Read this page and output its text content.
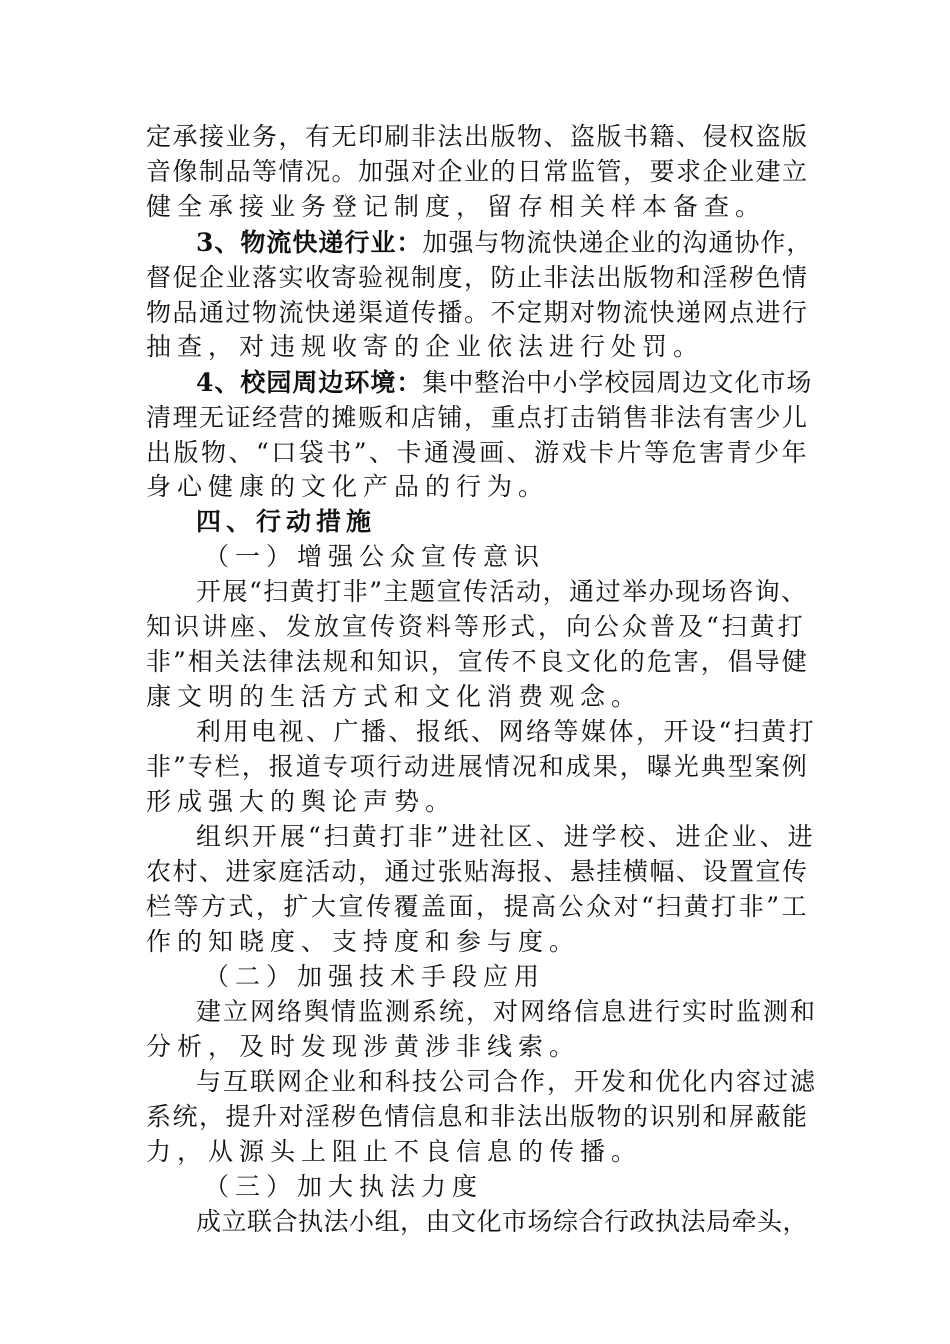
定承接业务，有无印刷非法出版物、盗版书籍、侵权盗版
音像制品等情况。加强对企业的日常监管，要求企业建立
健全承接业务登记制度，留存相关样本备查。
3、物流快递行业：加强与物流快递企业的沟通协作，
督促企业落实收寄验视制度，防止非法出版物和淫秽色情
物品通过物流快递渠道传播。不定期对物流快递网点进行
抽查，对违规收寄的企业依法进行处罚。
4、校园周边环境：集中整治中小学校园周边文化市场
清理无证经营的摊贩和店铺，重点打击销售非法有害少儿
出版物、“口袋书”、卡通漫画、游戏卡片等危害青少年
身心健康的文化产品的行为。
四、行动措施
（一）增强公众宣传意识
开展“扫黄打非”主题宣传活动，通过举办现场咨询、
知识讲座、发放宣传资料等形式，向公众普及“扫黄打
非”相关法律法规和知识，宣传不良文化的危害，倡导健
康文明的生活方式和文化消费观念。
利用电视、广播、报纸、网络等媒体，开设“扫黄打
非”专栏，报道专项行动进展情况和成果，曝光典型案例
形成强大的舆论声势。
组织开展“扫黄打非”进社区、进学校、进企业、进
农村、进家庭活动，通过张贴海报、悬挂横幅、设置宣传
栏等方式，扩大宣传覆盖面，提高公众对“扫黄打非”工
作的知晓度、支持度和参与度。
（二）加强技术手段应用
建立网络舆情监测系统，对网络信息进行实时监测和
分析，及时发现涉黄涉非线索。
与互联网企业和科技公司合作，开发和优化内容过滤
系统，提升对淫秽色情信息和非法出版物的识别和屏蔽能
力，从源头上阻止不良信息的传播。
（三）加大执法力度
成立联合执法小组，由文化市场综合行政执法局牵头，
